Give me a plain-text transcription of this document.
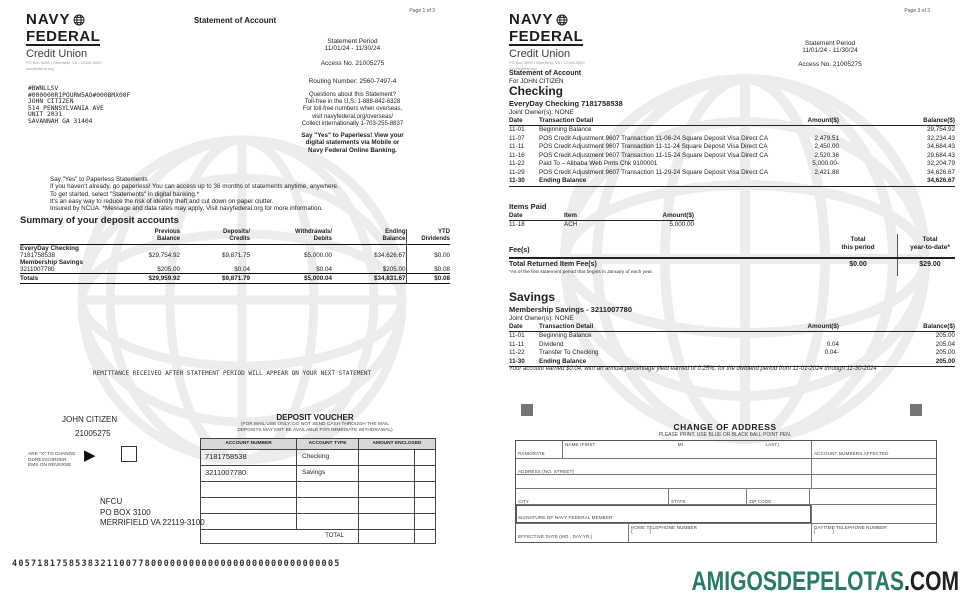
NAVY
FEDERAL
Credit Union
PO Box 3000 • Merrifield, VA • 22119-3000
navyfederal.org
Statement of Account
Page 1 of 3
Statement Period
11/01/24 - 11/30/24
Access No. 21005275
Routing Number: 2560-7497-4
Questions about this Statement?
Toll-free in the U.S. 1-888-842-6328
For toll-free numbers when overseas,
visit navyfederal.org/overseas/
Collect internationally 1-703-255-8837
Say "Yes" to Paperless! View your
digital statements via Mobile or
Navy Federal Online Banking.
#BWNLLSV
#000000R1POURW5AO#000BMX00F
JOHN CITIZEN
514 PENNSYLVANIA AVE
UNIT 2031
SAVANNAH GA 31404
Say "Yes" to Paperless Statements
If you haven't already, go paperless! You can access up to 36 months of statements anytime, anywhere.
To get started, select "Statements" in digital banking.*
It's an easy way to reduce the risk of identity theft and cut down on paper clutter.
Insured by NCUA. *Message and data rates may apply. Visit navyfederal.org for more information.
Summary of your deposit accounts

Previous
Balance

Deposits/
Credits

Withdrawals/
Debits

Ending
Balance

YTD
Dividends

EveryDay Checking					
7181758538	$29,754.92	$9,871.75	$5,000.00	$34,626.67	$0.00
Membership Savings					
3211007780	$205.00	$0.04	$0.04	$205.00	$0.08
Totals	$29,959.92	$9,871.79	$5,000.04	$34,831.67	$0.08
REMITTANCE RECEIVED AFTER STATEMENT PERIOD WILL APPEAR ON YOUR NEXT STATEMENT
JOHN CITIZEN
21005275
DEPOSIT VOUCHER
(FOR MAIL USE ONLY. DO NOT SEND CASH THROUGH THE MAIL
DEPOSITS MAY NOT BE AVAILABLE FOR IMMEDIATE WITHDRAWAL)
ACCOUNT NUMBER	ACCOUNT TYPE	AMOUNT ENCLOSED	
7181758538	Checking		
3211007780	Savings		

TOTAL			
ARK "X" TO CHANGE
DDRESS/ORDER
EMS ON REVERSE
▶
NFCU
PO BOX 3100
MERRIFIELD VA 22119-3100
4057181758538321100778000000000000000000000000000005
NAVY
FEDERAL
Credit Union
PO Box 3000 • Merrifield, VA • 22119-3000
navyfederal.org
Page 3 of 3
Statement Period
11/01/24 - 11/30/24
Access No. 21005275
Statement of Account
For JOHN CITIZEN
Checking
EveryDay Checking 7181758538
Joint Owner(s): NONE
Date	Transaction Detail	Amount($)	Balance($)
11-01	Beginning Balance		29,754.92
11-07	POS Credit Adjustment 9607 Transaction 11-06-24 Square Deposit Visa Direct CA	2,479.51	32,234.43
11-11	POS Credit Adjustment 9607 Transaction 11-11-24 Square Deposit Visa Direct CA	2,450.00	34,684.43
11-16	POS Credit Adjustment 9607 Transaction 11-15-24 Square Deposit Visa Direct CA	2,520.36	29,684.43
11-22	Paid To – Alibaba Web Pmts Chk 9100001	5,000.00-	32,204.79
11-29	POS Credit Adjustment 9607 Transaction 11-29-24 Square Deposit Visa Direct CA	2,421.88	34,626.67
11-30	Ending Balance		34,626.67
Items Paid
Date	Item	Amount($)
11-18	ACH	5,000.00
Total
this period
Total
year-to-date*
Fee(s)
Total Returned Item Fee(s)	$0.00	$29.00
*As of the first statement period that begins in January of each year.
Savings
Membership Savings - 3211007780
Joint Owner(s): NONE
Date	Transaction Detail	Amount($)	Balance($)
11-01	Beginning Balance		205.00
11-11	Dividend	0.04	205.04
11-22	Transfer To Checking	0.04-	205.00
11-30	Ending Balance		205.00
Your account earned $0.04, with an annual percentage yield earned of 0.25%, for the dividend period from 11-01-2024 through 11-30-2024
CHANGE OF ADDRESS
PLEASE PRINT. USE BLUE OR BLACK BALL POINT PEN.
RANK/RATE
NAME (FIRST	MI	LAST)
ACCOUNT NUMBERS AFFECTED
ADDRESS (NO. STREET)
CITY	STATE	ZIP CODE
SIGNATURE OF NAVY FEDERAL MEMBER
EFFECTIVE DATE (MO., DAY,YR.)
HOME TELEPHONE NUMBER
(            )
DAYTIME TELEPHONE NUMBER
(            )
AMIGOSDEPELOTAS.COM
